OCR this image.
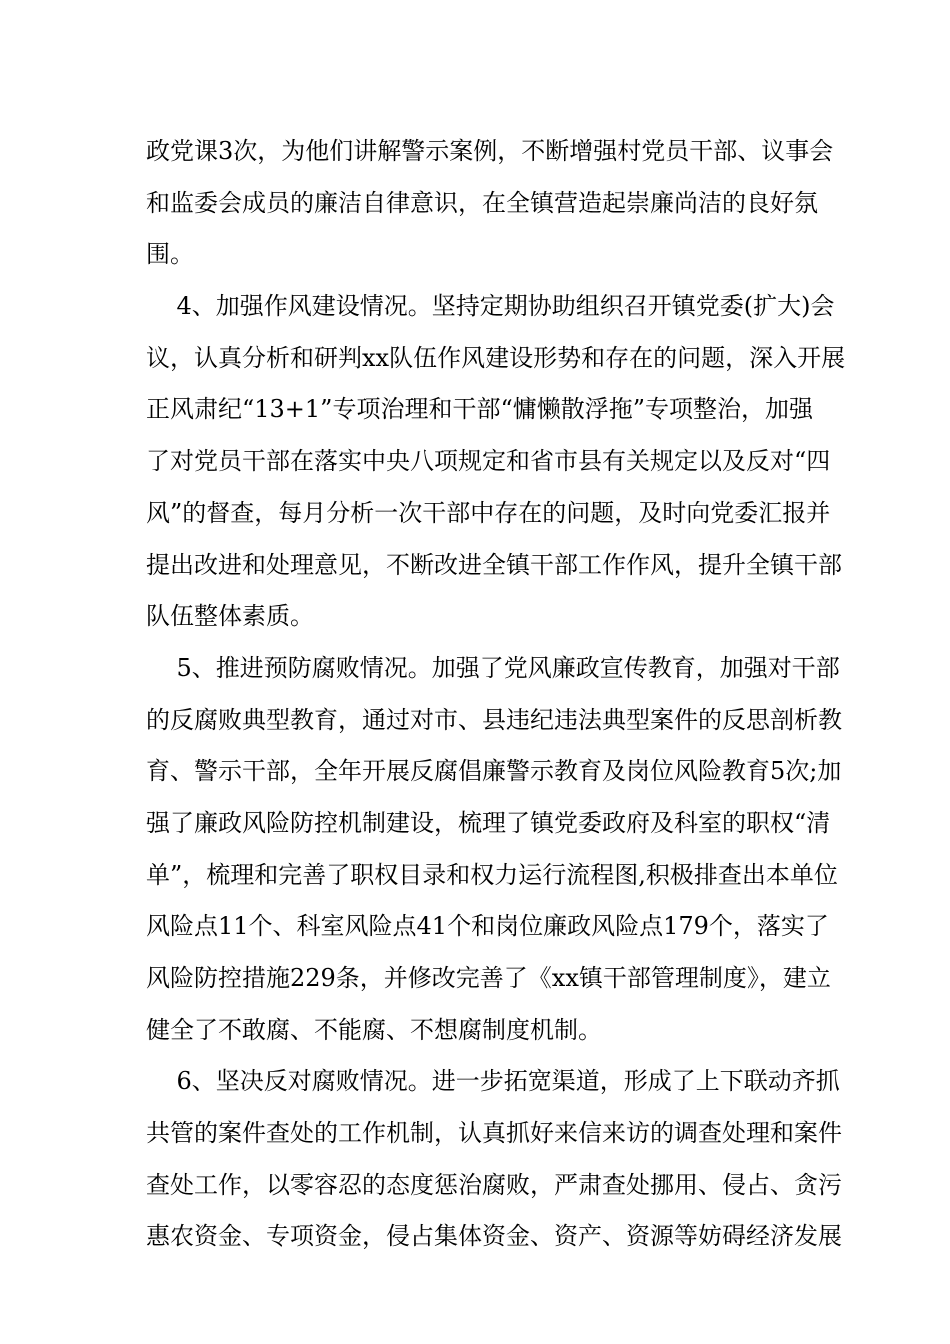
政党课3次，为他们讲解警示案例，不断增强村党员干部、议事会
和监委会成员的廉洁自律意识，在全镇营造起崇廉尚洁的良好氛
围。
4、加强作风建设情况。坚持定期协助组织召开镇党委(扩大)会
议，认真分析和研判xx队伍作风建设形势和存在的问题，深入开展
正风肃纪“13+1”专项治理和干部“慵懒散浮拖”专项整治，加强
了对党员干部在落实中央八项规定和省市县有关规定以及反对“四
风”的督查，每月分析一次干部中存在的问题，及时向党委汇报并
提出改进和处理意见，不断改进全镇干部工作作风，提升全镇干部
队伍整体素质。
5、推进预防腐败情况。加强了党风廉政宣传教育，加强对干部
的反腐败典型教育，通过对市、县违纪违法典型案件的反思剖析教
育、警示干部，全年开展反腐倡廉警示教育及岗位风险教育5次;加
强了廉政风险防控机制建设，梳理了镇党委政府及科室的职权“清
单”，梳理和完善了职权目录和权力运行流程图,积极排查出本单位
风险点11个、科室风险点41个和岗位廉政风险点179个，落实了
风险防控措施229条，并修改完善了《xx镇干部管理制度》，建立
健全了不敢腐、不能腐、不想腐制度机制。
6、坚决反对腐败情况。进一步拓宽渠道，形成了上下联动齐抓
共管的案件查处的工作机制，认真抓好来信来访的调查处理和案件
查处工作，以零容忍的态度惩治腐败，严肃查处挪用、侵占、贪污
惠农资金、专项资金，侵占集体资金、资产、资源等妨碍经济发展
